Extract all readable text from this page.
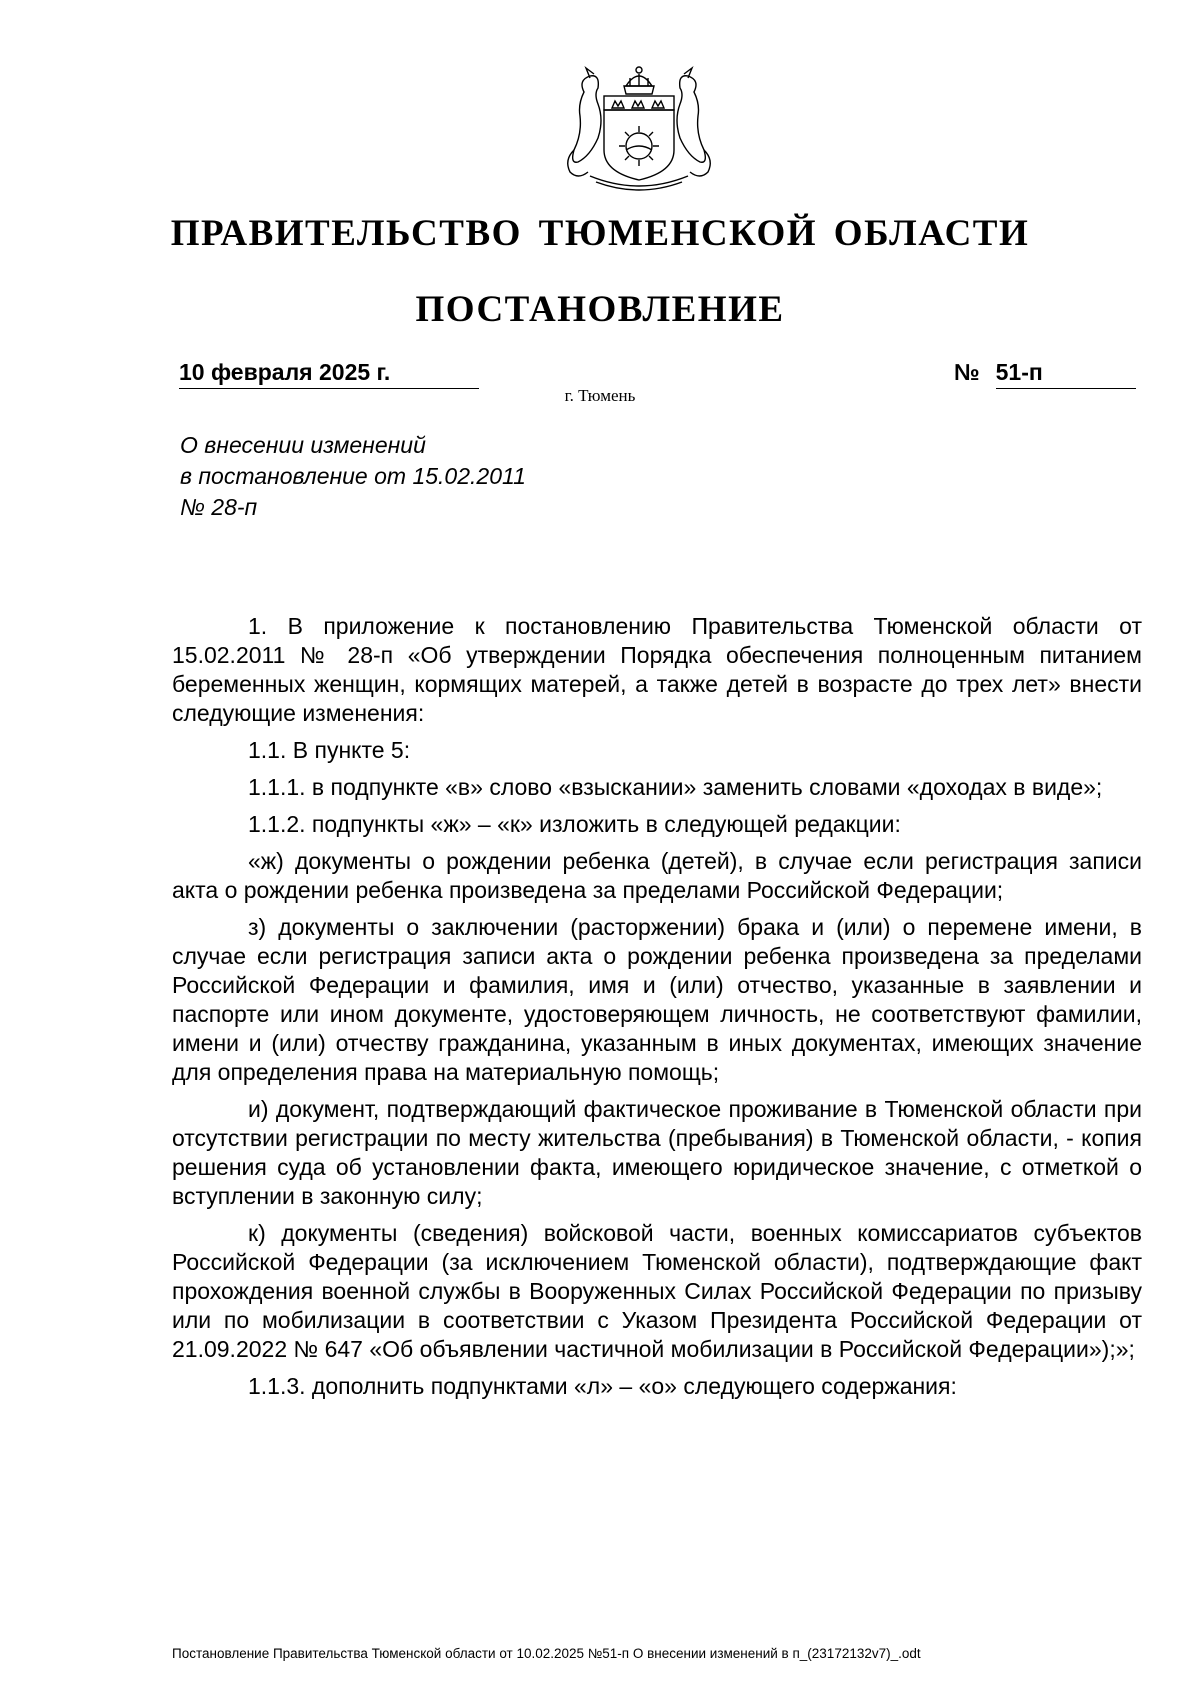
ПРАВИТЕЛЬСТВО ТЮМЕНСКОЙ ОБЛАСТИ
ПОСТАНОВЛЕНИЕ
10 февраля 2025 г.	№ 51-п
г. Тюмень
О внесении изменений
в постановление от 15.02.2011
№ 28-п

1. В приложение к постановлению Правительства Тюменской области от 15.02.2011 № 28-п «Об утверждении Порядка обеспечения полноценным питанием беременных женщин, кормящих матерей, а также детей в возрасте до трех лет» внести следующие изменения:

1.1. В пункте 5:

1.1.1. в подпункте «в» слово «взыскании» заменить словами «доходах в виде»;

1.1.2. подпункты «ж» – «к» изложить в следующей редакции:

«ж) документы о рождении ребенка (детей), в случае если регистрация записи акта о рождении ребенка произведена за пределами Российской Федерации;

з) документы о заключении (расторжении) брака и (или) о перемене имени, в случае если регистрация записи акта о рождении ребенка произведена за пределами Российской Федерации и фамилия, имя и (или) отчество, указанные в заявлении и паспорте или ином документе, удостоверяющем личность, не соответствуют фамилии, имени и (или) отчеству гражданина, указанным в иных документах, имеющих значение для определения права на материальную помощь;

и) документ, подтверждающий фактическое проживание в Тюменской области при отсутствии регистрации по месту жительства (пребывания) в Тюменской области, - копия решения суда об установлении факта, имеющего юридическое значение, с отметкой о вступлении в законную силу;

к) документы (сведения) войсковой части, военных комиссариатов субъектов Российской Федерации (за исключением Тюменской области), подтверждающие факт прохождения военной службы в Вооруженных Силах Российской Федерации по призыву или по мобилизации в соответствии с Указом Президента Российской Федерации от 21.09.2022 № 647 «Об объявлении частичной мобилизации в Российской Федерации»);»;

1.1.3. дополнить подпунктами «л» – «о» следующего содержания:

Постановление Правительства Тюменской области от 10.02.2025 №51-п О внесении изменений в п_(23172132v7)_.odt
